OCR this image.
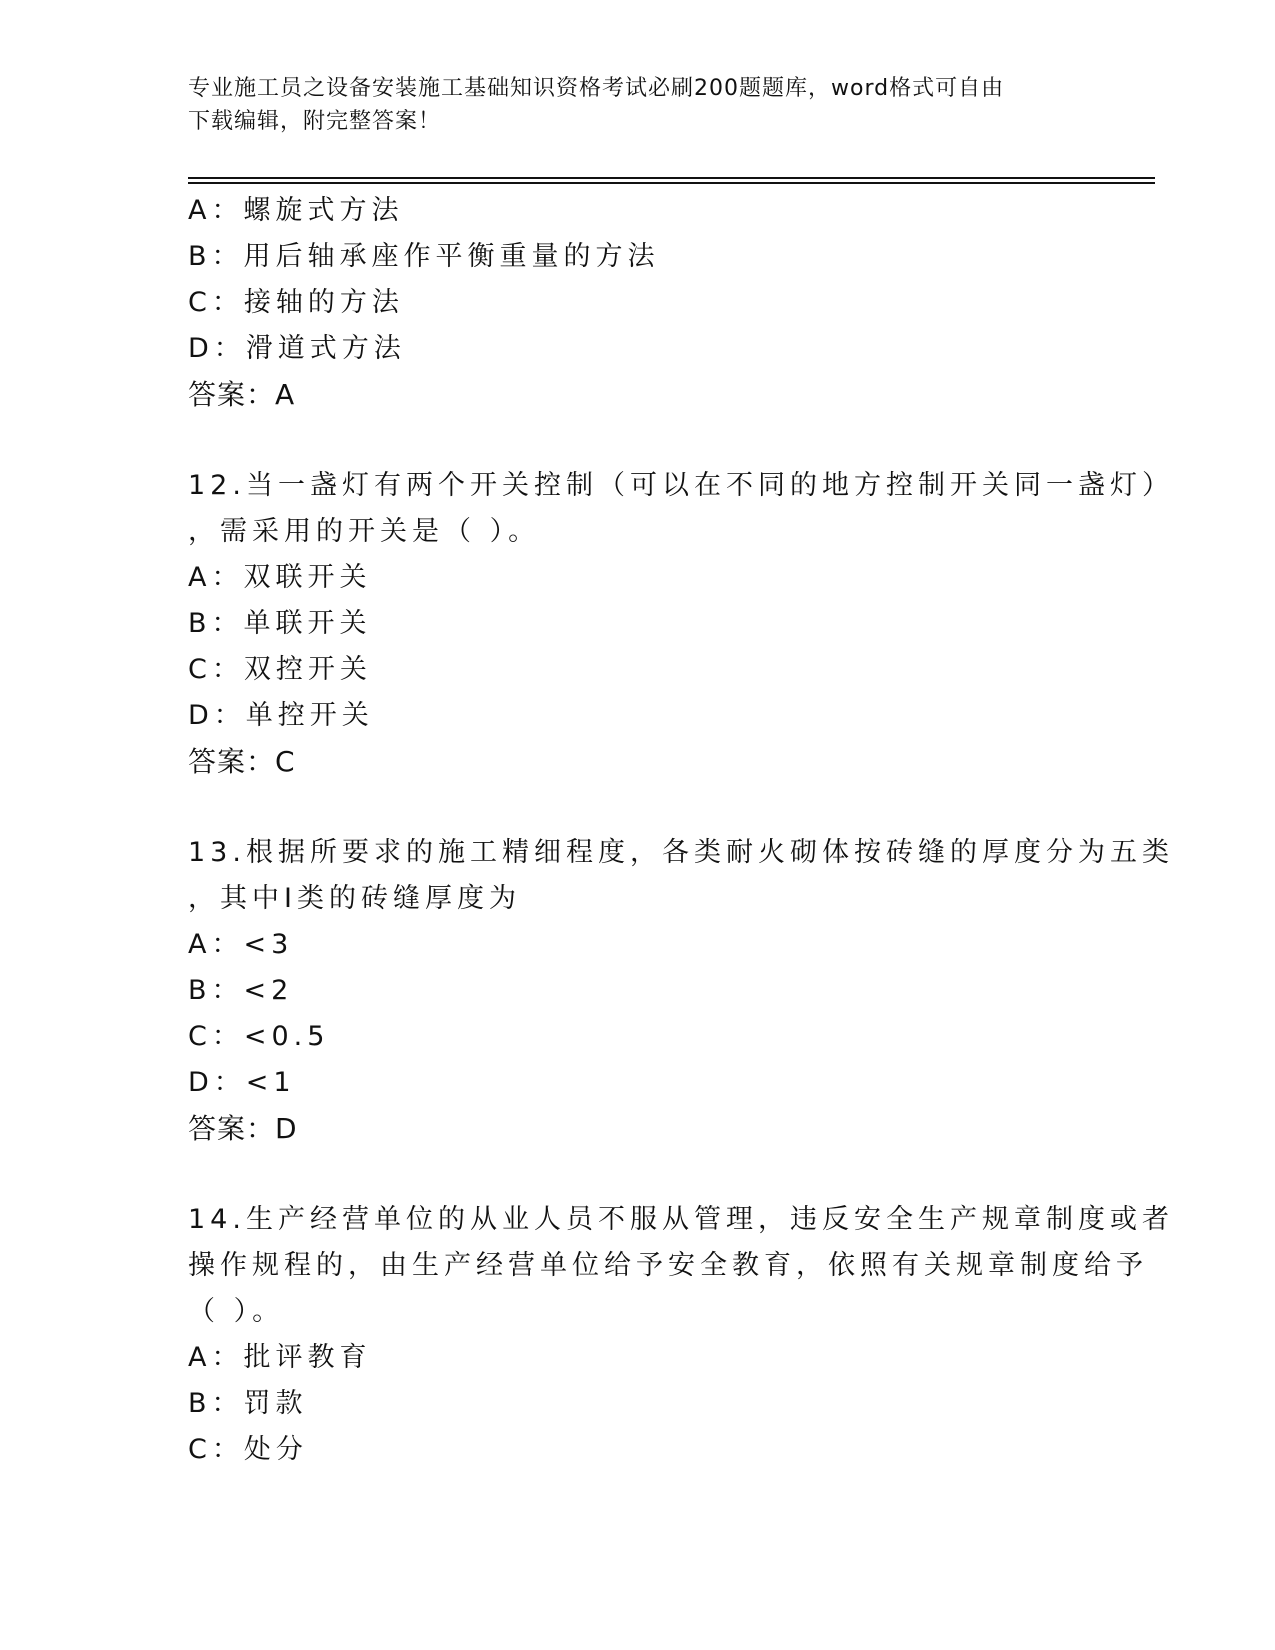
专业施工员之设备安装施工基础知识资格考试必刷200题题库，word格式可自由
下载编辑，附完整答案！
A：螺旋式方法
B：用后轴承座作平衡重量的方法
C：接轴的方法
D：滑道式方法
答案：A
12.当一盏灯有两个开关控制（可以在不同的地方控制开关同一盏灯）
，需采用的开关是（ ）。
A：双联开关
B：单联开关
C：双控开关
D：单控开关
答案：C
13.根据所要求的施工精细程度，各类耐火砌体按砖缝的厚度分为五类
，其中Ⅰ类的砖缝厚度为
A：<3
B：<2
C：<0.5
D：<1
答案：D
14.生产经营单位的从业人员不服从管理，违反安全生产规章制度或者
操作规程的，由生产经营单位给予安全教育，依照有关规章制度给予
（ ）。
A：批评教育
B：罚款
C：处分
